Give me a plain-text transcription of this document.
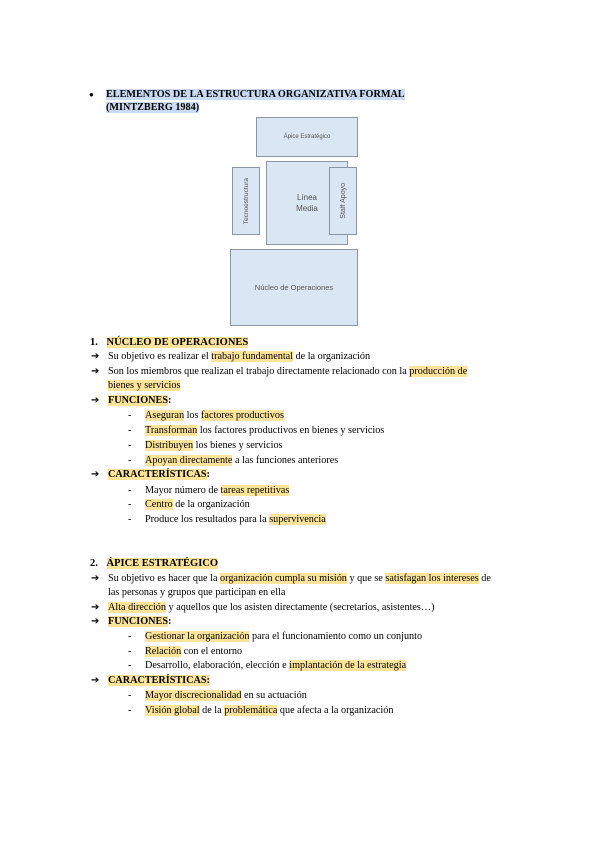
● ELEMENTOS DE LA ESTRUCTURA ORGANIZATIVA FORMAL
(MINTZBERG 1984)
Ápice Estratégico
Línea Media
Tecnoestructura	Staff Apoyo
Núcleo de Operaciones
1. NÚCLEO DE OPERACIONES
➔ Su objetivo es realizar el trabajo fundamental de la organización
➔ Son los miembros que realizan el trabajo directamente relacionado con la producción de
bienes y servicios
➔ FUNCIONES:
- Aseguran los factores productivos
- Transforman los factores productivos en bienes y servicios
- Distribuyen los bienes y servicios
- Apoyan directamente a las funciones anteriores
➔ CARACTERÍSTICAS:
- Mayor número de tareas repetitivas
- Centro de la organización
- Produce los resultados para la supervivencia
2. ÁPICE ESTRATÉGICO
➔ Su objetivo es hacer que la organización cumpla su misión y que se satisfagan los intereses de
las personas y grupos que participan en ella
➔ Alta dirección y aquellos que los asisten directamente (secretarios, asistentes…)
➔ FUNCIONES:
- Gestionar la organización para el funcionamiento como un conjunto
- Relación con el entorno
- Desarrollo, elaboración, elección e implantación de la estrategia
➔ CARACTERÍSTICAS:
- Mayor discrecionalidad en su actuación
- Visión global de la problemática que afecta a la organización
